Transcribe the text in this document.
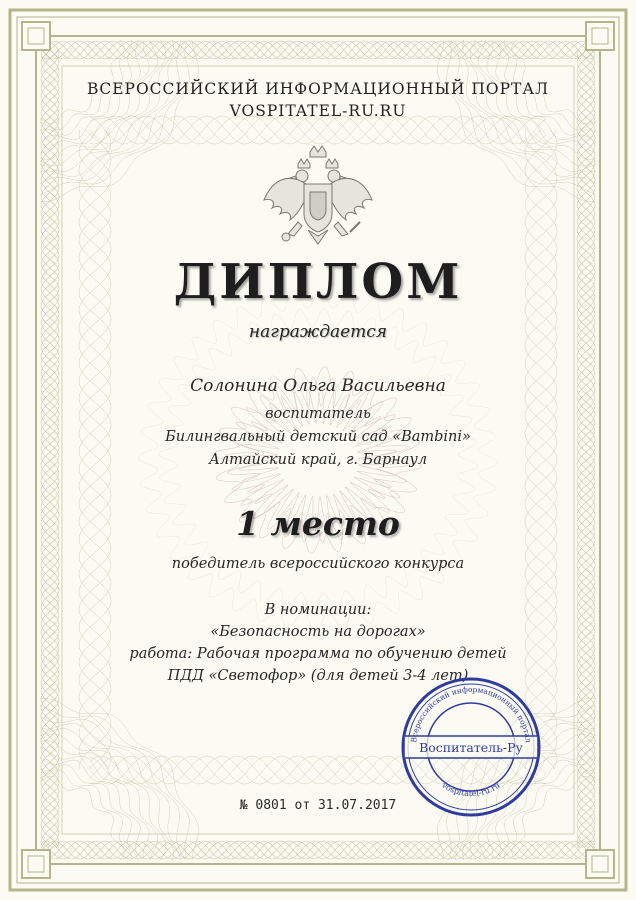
ВСЕРОССИЙСКИЙ ИНФОРМАЦИОННЫЙ ПОРТАЛ
VOSPITATEL-RU.RU
ДИПЛОМ
награждается
Солонина Ольга Васильевна
воспитатель
Билингвальный детский сад «Bambini»
Алтайский край, г. Барнаул
1 место
победитель всероссийского конкурса
В номинации:
«Безопасность на дорогах»
работа: Рабочая программа по обучению детей
ПДД «Светофор» (для детей 3-4 лет)
№ 0801 от 31.07.2017
Всероссийский информационный портал
vospitatel-ru.ru
Воспитатель-Ру
